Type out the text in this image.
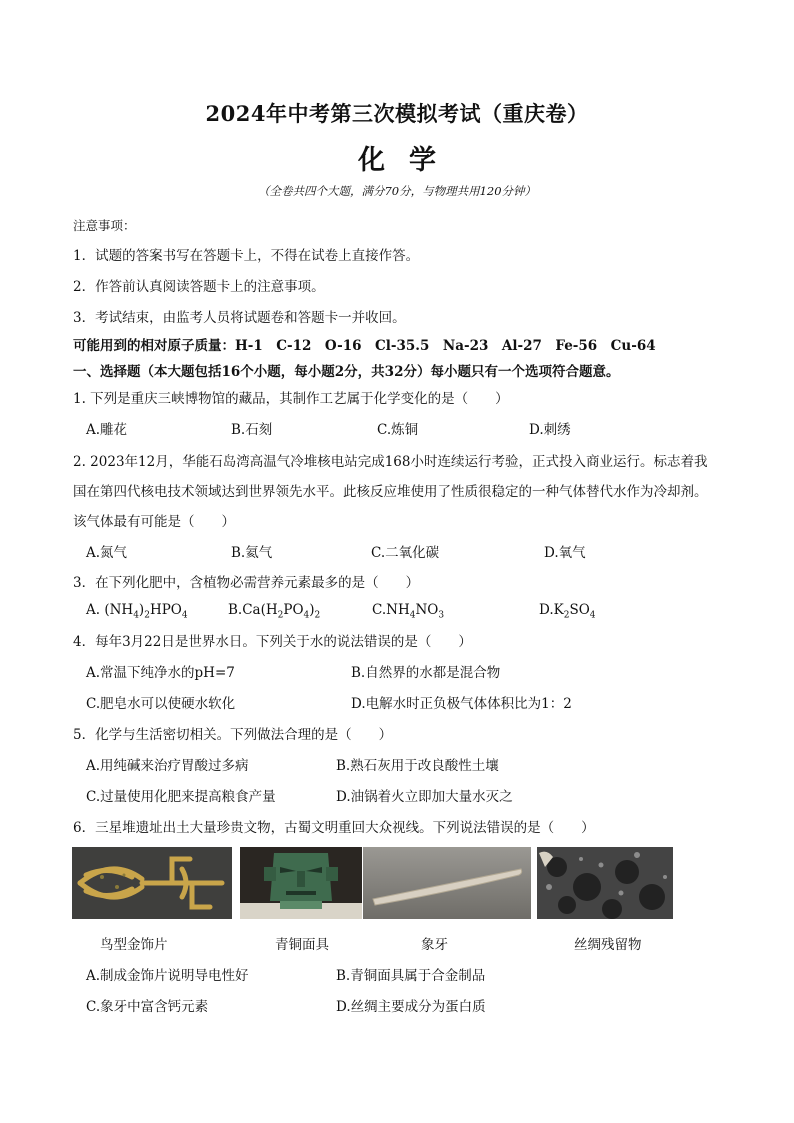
2024年中考第三次模拟考试（重庆卷）
化学
（全卷共四个大题，满分70分，与物理共用120分钟）
注意事项：
1．试题的答案书写在答题卡上，不得在试卷上直接作答。
2．作答前认真阅读答题卡上的注意事项。
3．考试结束，由监考人员将试题卷和答题卡一并收回。
可能用到的相对原子质量：H-1　C-12　O-16　Cl-35.5　Na-23　Al-27　Fe-56　Cu-64
一、选择题（本大题包括16个小题，每小题2分，共32分）每小题只有一个选项符合题意。
1. 下列是重庆三峡博物馆的藏品，其制作工艺属于化学变化的是（　　）
A.雕花	B.石刻	C.炼铜	D.刺绣
2. 2023年12月，华能石岛湾高温气冷堆核电站完成168小时连续运行考验，正式投入商业运行。标志着我
国在第四代核电技术领域达到世界领先水平。此核反应堆使用了性质很稳定的一种气体替代水作为冷却剂。
该气体最有可能是（　　）
A.氮气	B.氦气	C.二氧化碳	D.氧气
3．在下列化肥中，含植物必需营养元素最多的是（　　）
A. $(NH_4)_2HPO_4$	$B.Ca(H_2PO_4)_2$	$C.NH_4NO_3$	$D.K_2SO_4$
4．每年3月22日是世界水日。下列关于水的说法错误的是（　　）
A.常温下纯净水的pH=7	B.自然界的水都是混合物
C.肥皂水可以使硬水软化	D.电解水时正负极气体体积比为1：2
5．化学与生活密切相关。下列做法合理的是（　　）
A.用纯碱来治疗胃酸过多病	B.熟石灰用于改良酸性土壤
C.过量使用化肥来提高粮食产量	D.油锅着火立即加大量水灭之
6．三星堆遗址出土大量珍贵文物，古蜀文明重回大众视线。下列说法错误的是（　　）
鸟型金饰片	青铜面具	象牙	丝绸残留物
A.制成金饰片说明导电性好	B.青铜面具属于合金制品
C.象牙中富含钙元素	D.丝绸主要成分为蛋白质
